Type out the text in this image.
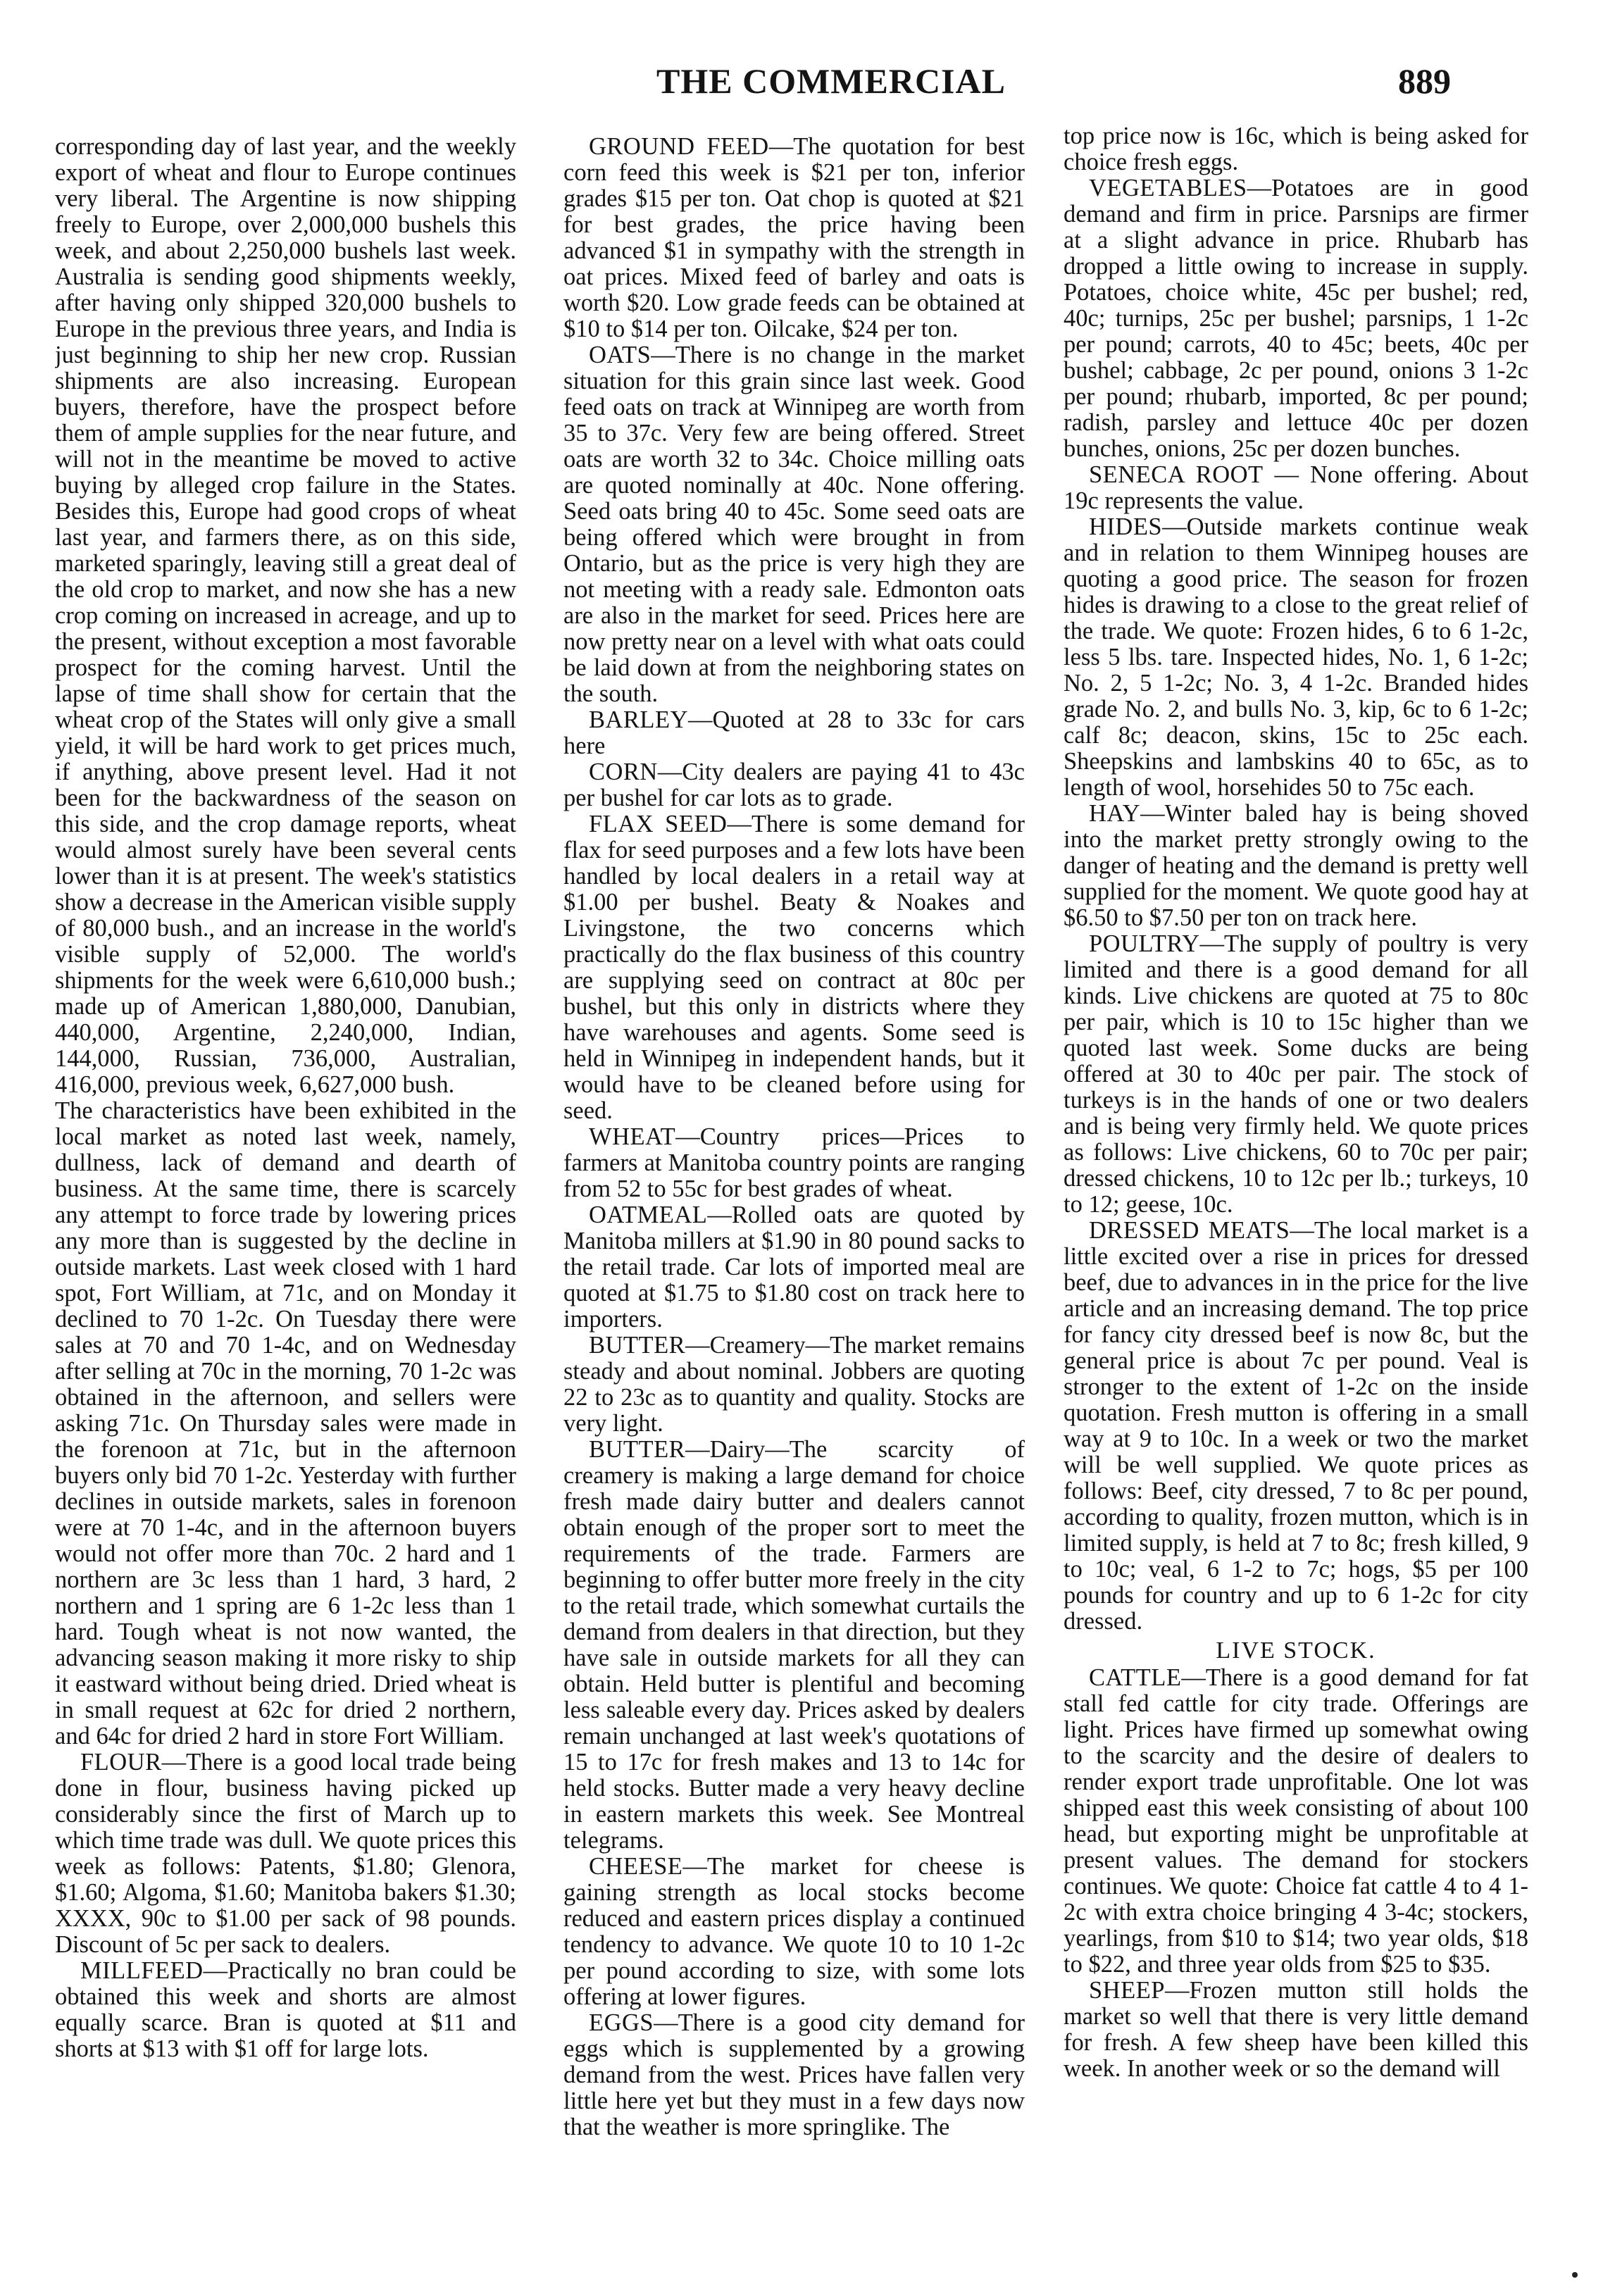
THE COMMERCIAL	889

corresponding day of last year, and the weekly export of wheat and flour to Europe continues very liberal. The Argentine is now shipping freely to Europe, over 2,000,000 bushels this week, and about 2,250,000 bushels last week. Australia is sending good shipments weekly, after having only shipped 320,000 bushels to Europe in the previous three years, and India is just beginning to ship her new crop. Russian shipments are also increasing. European buyers, therefore, have the prospect before them of ample supplies for the near future, and will not in the meantime be moved to active buying by alleged crop failure in the States. Besides this, Europe had good crops of wheat last year, and farmers there, as on this side, marketed sparingly, leaving still a great deal of the old crop to market, and now she has a new crop coming on increased in acreage, and up to the present, without exception a most favorable prospect for the coming harvest. Until the lapse of time shall show for certain that the wheat crop of the States will only give a small yield, it will be hard work to get prices much, if anything, above present level. Had it not been for the backwardness of the season on this side, and the crop damage reports, wheat would almost surely have been several cents lower than it is at present. The week's statistics show a decrease in the American visible supply of 80,000 bush., and an increase in the world's visible supply of 52,000. The world's shipments for the week were 6,610,000 bush.; made up of American 1,880,000, Danubian, 440,000, Argentine, 2,240,000, Indian, 144,000, Russian, 736,000, Australian, 416,000, previous week, 6,627,000 bush.

The characteristics have been exhibited in the local market as noted last week, namely, dullness, lack of demand and dearth of business. At the same time, there is scarcely any attempt to force trade by lowering prices any more than is suggested by the decline in outside markets. Last week closed with 1 hard spot, Fort William, at 71c, and on Monday it declined to 70 1-2c. On Tuesday there were sales at 70 and 70 1-4c, and on Wednesday after selling at 70c in the morning, 70 1-2c was obtained in the afternoon, and sellers were asking 71c. On Thursday sales were made in the forenoon at 71c, but in the afternoon buyers only bid 70 1-2c. Yesterday with further declines in outside markets, sales in forenoon were at 70 1-4c, and in the afternoon buyers would not offer more than 70c. 2 hard and 1 northern are 3c less than 1 hard, 3 hard, 2 northern and 1 spring are 6 1-2c less than 1 hard. Tough wheat is not now wanted, the advancing season making it more risky to ship it eastward without being dried. Dried wheat is in small request at 62c for dried 2 northern, and 64c for dried 2 hard in store Fort William.

FLOUR—There is a good local trade being done in flour, business having picked up considerably since the first of March up to which time trade was dull. We quote prices this week as follows: Patents, $1.80; Glenora, $1.60; Algoma, $1.60; Manitoba bakers $1.30; XXXX, 90c to $1.00 per sack of 98 pounds. Discount of 5c per sack to dealers.

MILLFEED—Practically no bran could be obtained this week and shorts are almost equally scarce. Bran is quoted at $11 and shorts at $13 with $1 off for large lots.

GROUND FEED—The quotation for best corn feed this week is $21 per ton, inferior grades $15 per ton. Oat chop is quoted at $21 for best grades, the price having been advanced $1 in sympathy with the strength in oat prices. Mixed feed of barley and oats is worth $20. Low grade feeds can be obtained at $10 to $14 per ton. Oilcake, $24 per ton.

OATS—There is no change in the market situation for this grain since last week. Good feed oats on track at Winnipeg are worth from 35 to 37c. Very few are being offered. Street oats are worth 32 to 34c. Choice milling oats are quoted nominally at 40c. None offering. Seed oats bring 40 to 45c. Some seed oats are being offered which were brought in from Ontario, but as the price is very high they are not meeting with a ready sale. Edmonton oats are also in the market for seed. Prices here are now pretty near on a level with what oats could be laid down at from the neighboring states on the south.

BARLEY—Quoted at 28 to 33c for cars here

CORN—City dealers are paying 41 to 43c per bushel for car lots as to grade.

FLAX SEED—There is some demand for flax for seed purposes and a few lots have been handled by local dealers in a retail way at $1.00 per bushel. Beaty & Noakes and Livingstone, the two concerns which practically do the flax business of this country are supplying seed on contract at 80c per bushel, but this only in districts where they have warehouses and agents. Some seed is held in Winnipeg in independent hands, but it would have to be cleaned before using for seed.

WHEAT—Country prices—Prices to farmers at Manitoba country points are ranging from 52 to 55c for best grades of wheat.

OATMEAL—Rolled oats are quoted by Manitoba millers at $1.90 in 80 pound sacks to the retail trade. Car lots of imported meal are quoted at $1.75 to $1.80 cost on track here to importers.

BUTTER—Creamery—The market remains steady and about nominal. Jobbers are quoting 22 to 23c as to quantity and quality. Stocks are very light.

BUTTER—Dairy—The scarcity of creamery is making a large demand for choice fresh made dairy butter and dealers cannot obtain enough of the proper sort to meet the requirements of the trade. Farmers are beginning to offer butter more freely in the city to the retail trade, which somewhat curtails the demand from dealers in that direction, but they have sale in outside markets for all they can obtain. Held butter is plentiful and becoming less saleable every day. Prices asked by dealers remain unchanged at last week's quotations of 15 to 17c for fresh makes and 13 to 14c for held stocks. Butter made a very heavy decline in eastern markets this week. See Montreal telegrams.

CHEESE—The market for cheese is gaining strength as local stocks become reduced and eastern prices display a continued tendency to advance. We quote 10 to 10 1-2c per pound according to size, with some lots offering at lower figures.

EGGS—There is a good city demand for eggs which is supplemented by a growing demand from the west. Prices have fallen very little here yet but they must in a few days now that the weather is more springlike. The

top price now is 16c, which is being asked for choice fresh eggs.

VEGETABLES—Potatoes are in good demand and firm in price. Parsnips are firmer at a slight advance in price. Rhubarb has dropped a little owing to increase in supply. Potatoes, choice white, 45c per bushel; red, 40c; turnips, 25c per bushel; parsnips, 1 1-2c per pound; carrots, 40 to 45c; beets, 40c per bushel; cabbage, 2c per pound, onions 3 1-2c per pound; rhubarb, imported, 8c per pound; radish, parsley and lettuce 40c per dozen bunches, onions, 25c per dozen bunches.

SENECA ROOT — None offering. About 19c represents the value.

HIDES—Outside markets continue weak and in relation to them Winnipeg houses are quoting a good price. The season for frozen hides is drawing to a close to the great relief of the trade. We quote: Frozen hides, 6 to 6 1-2c, less 5 lbs. tare. Inspected hides, No. 1, 6 1-2c; No. 2, 5 1-2c; No. 3, 4 1-2c. Branded hides grade No. 2, and bulls No. 3, kip, 6c to 6 1-2c; calf 8c; deacon, skins, 15c to 25c each. Sheepskins and lambskins 40 to 65c, as to length of wool, horsehides 50 to 75c each.

HAY—Winter baled hay is being shoved into the market pretty strongly owing to the danger of heating and the demand is pretty well supplied for the moment. We quote good hay at $6.50 to $7.50 per ton on track here.

POULTRY—The supply of poultry is very limited and there is a good demand for all kinds. Live chickens are quoted at 75 to 80c per pair, which is 10 to 15c higher than we quoted last week. Some ducks are being offered at 30 to 40c per pair. The stock of turkeys is in the hands of one or two dealers and is being very firmly held. We quote prices as follows: Live chickens, 60 to 70c per pair; dressed chickens, 10 to 12c per lb.; turkeys, 10 to 12; geese, 10c.

DRESSED MEATS—The local market is a little excited over a rise in prices for dressed beef, due to advances in in the price for the live article and an increasing demand. The top price for fancy city dressed beef is now 8c, but the general price is about 7c per pound. Veal is stronger to the extent of 1-2c on the inside quotation. Fresh mutton is offering in a small way at 9 to 10c. In a week or two the market will be well supplied. We quote prices as follows: Beef, city dressed, 7 to 8c per pound, according to quality, frozen mutton, which is in limited supply, is held at 7 to 8c; fresh killed, 9 to 10c; veal, 6 1-2 to 7c; hogs, $5 per 100 pounds for country and up to 6 1-2c for city dressed.

LIVE STOCK.

CATTLE—There is a good demand for fat stall fed cattle for city trade. Offerings are light. Prices have firmed up somewhat owing to the scarcity and the desire of dealers to render export trade unprofitable. One lot was shipped east this week consisting of about 100 head, but exporting might be unprofitable at present values. The demand for stockers continues. We quote: Choice fat cattle 4 to 4 1-2c with extra choice bringing 4 3-4c; stockers, yearlings, from $10 to $14; two year olds, $18 to $22, and three year olds from $25 to $35.

SHEEP—Frozen mutton still holds the market so well that there is very little demand for fresh. A few sheep have been killed this week. In another week or so the demand will
